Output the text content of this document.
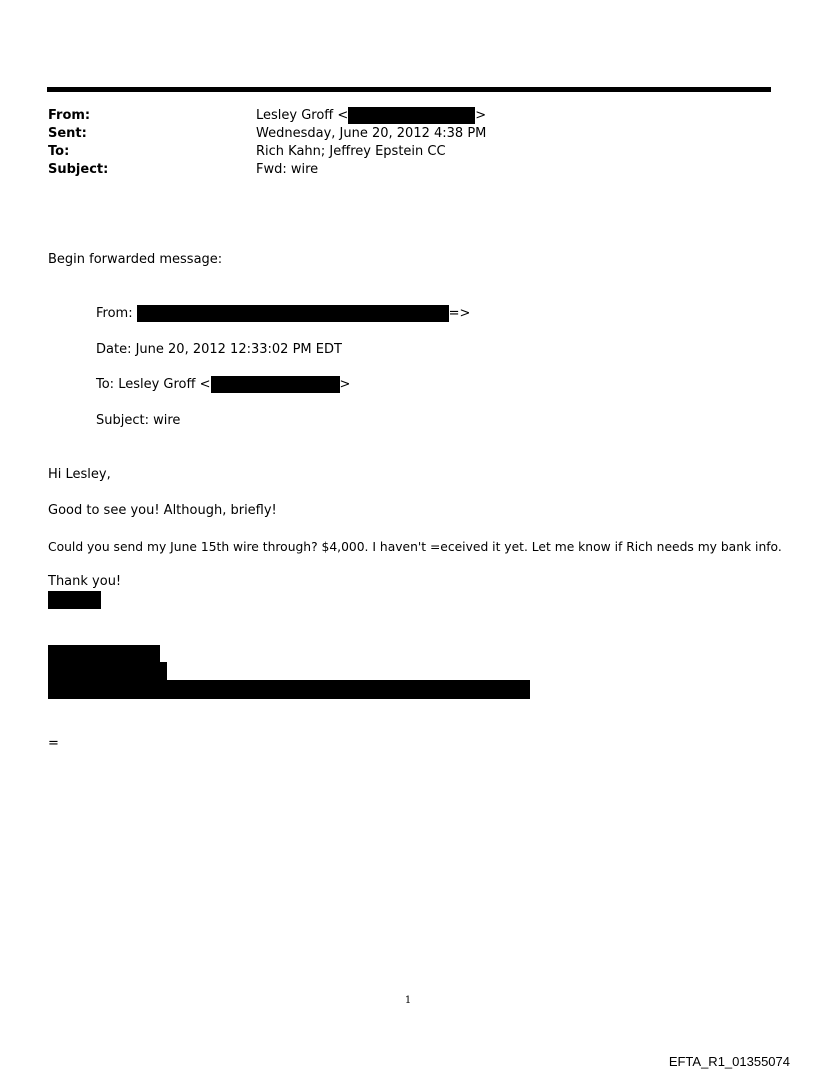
From:	Lesley Groff <	>
Sent:	Wednesday, June 20, 2012 4:38 PM
To:	Rich Kahn; Jeffrey Epstein CC
Subject:	Fwd: wire
Begin forwarded message:
From:	=>
Date: June 20, 2012 12:33:02 PM EDT
To: Lesley Groff <	>
Subject: wire
Hi Lesley,
Good to see you! Although, briefly!
Could you send my June 15th wire through? $4,000. I haven't =eceived it yet. Let me know if Rich needs my bank info.
Thank you!
=
1
EFTA_R1_01355074
